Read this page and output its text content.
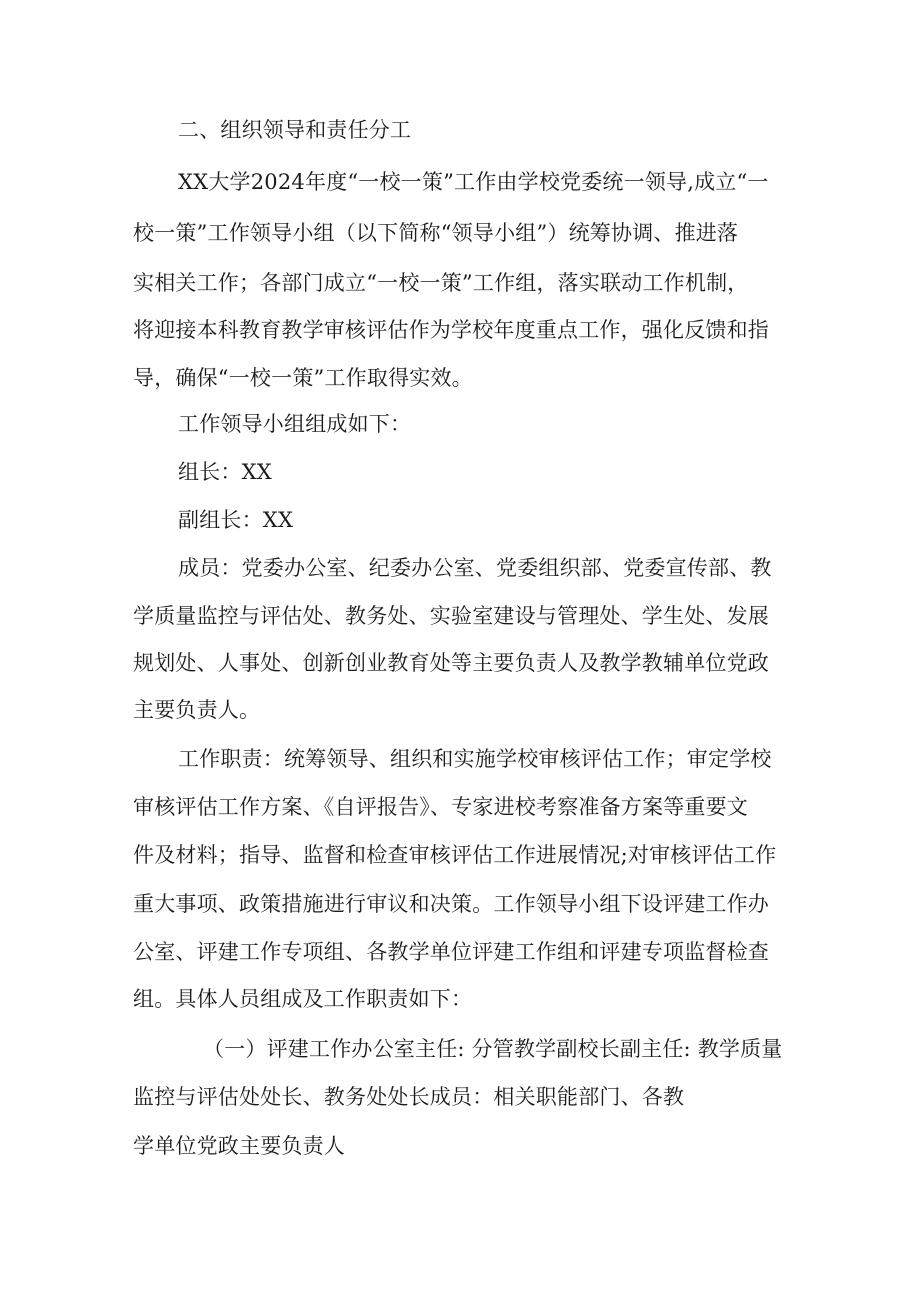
二、组织领导和责任分工

XX大学2024年度“一校一策”工作由学校党委统一领导,成立“一

校一策”工作领导小组（以下简称“领导小组”）统筹协调、推进落

实相关工作；各部门成立“一校一策”工作组，落实联动工作机制，

将迎接本科教育教学审核评估作为学校年度重点工作，强化反馈和指

导，确保“一校一策”工作取得实效。

工作领导小组组成如下：

组长：XX

副组长：XX

成员：党委办公室、纪委办公室、党委组织部、党委宣传部、教

学质量监控与评估处、教务处、实验室建设与管理处、学生处、发展

规划处、人事处、创新创业教育处等主要负责人及教学教辅单位党政

主要负责人。

工作职责：统筹领导、组织和实施学校审核评估工作；审定学校

审核评估工作方案、《自评报告》、专家进校考察准备方案等重要文

件及材料；指导、监督和检查审核评估工作进展情况;对审核评估工作

重大事项、政策措施进行审议和决策。工作领导小组下设评建工作办

公室、评建工作专项组、各教学单位评建工作组和评建专项监督检查

组。具体人员组成及工作职责如下：

（一）评建工作办公室主任: 分管教学副校长副主任: 教学质量

监控与评估处处长、教务处处长成员：相关职能部门、各教

学单位党政主要负责人
